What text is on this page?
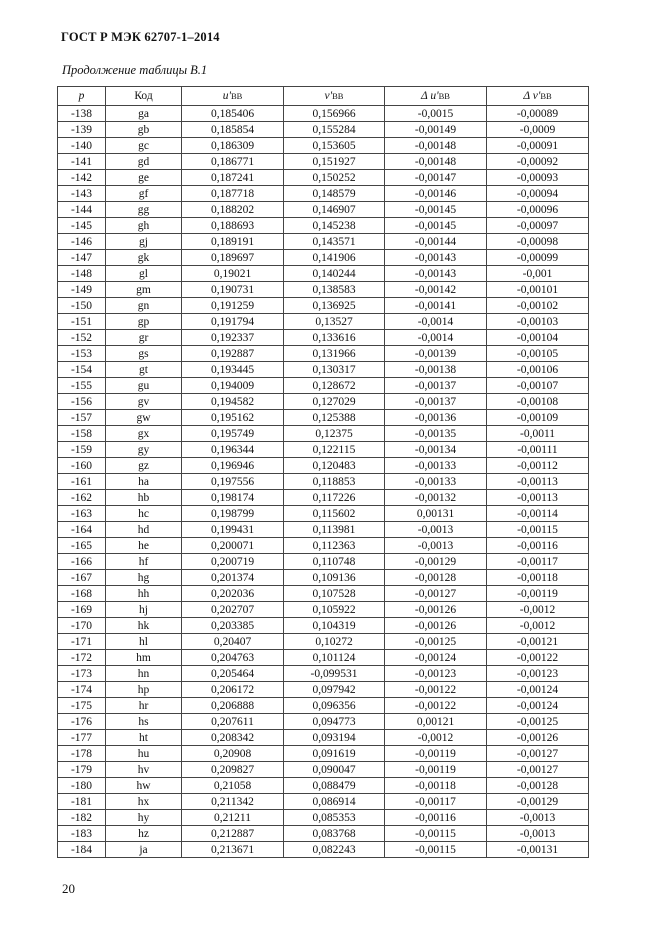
ГОСТ Р МЭК 62707-1–2014
Продолжение таблицы В.1
p	Код	u'ВВ	v'ВВ	Δ u'ВВ	Δ v'ВВ
-138	ga	0,185406	0,156966	-0,0015	-0,00089
-139	gb	0,185854	0,155284	-0,00149	-0,0009
-140	gc	0,186309	0,153605	-0,00148	-0,00091
-141	gd	0,186771	0,151927	-0,00148	-0,00092
-142	ge	0,187241	0,150252	-0,00147	-0,00093
-143	gf	0,187718	0,148579	-0,00146	-0,00094
-144	gg	0,188202	0,146907	-0,00145	-0,00096
-145	gh	0,188693	0,145238	-0,00145	-0,00097
-146	gj	0,189191	0,143571	-0,00144	-0,00098
-147	gk	0,189697	0,141906	-0,00143	-0,00099
-148	gl	0,19021	0,140244	-0,00143	-0,001
-149	gm	0,190731	0,138583	-0,00142	-0,00101
-150	gn	0,191259	0,136925	-0,00141	-0,00102
-151	gp	0,191794	0,13527	-0,0014	-0,00103
-152	gr	0,192337	0,133616	-0,0014	-0,00104
-153	gs	0,192887	0,131966	-0,00139	-0,00105
-154	gt	0,193445	0,130317	-0,00138	-0,00106
-155	gu	0,194009	0,128672	-0,00137	-0,00107
-156	gv	0,194582	0,127029	-0,00137	-0,00108
-157	gw	0,195162	0,125388	-0,00136	-0,00109
-158	gx	0,195749	0,12375	-0,00135	-0,0011
-159	gy	0,196344	0,122115	-0,00134	-0,00111
-160	gz	0,196946	0,120483	-0,00133	-0,00112
-161	ha	0,197556	0,118853	-0,00133	-0,00113
-162	hb	0,198174	0,117226	-0,00132	-0,00113
-163	hc	0,198799	0,115602	0,00131	-0,00114
-164	hd	0,199431	0,113981	-0,0013	-0,00115
-165	he	0,200071	0,112363	-0,0013	-0,00116
-166	hf	0,200719	0,110748	-0,00129	-0,00117
-167	hg	0,201374	0,109136	-0,00128	-0,00118
-168	hh	0,202036	0,107528	-0,00127	-0,00119
-169	hj	0,202707	0,105922	-0,00126	-0,0012
-170	hk	0,203385	0,104319	-0,00126	-0,0012
-171	hl	0,20407	0,10272	-0,00125	-0,00121
-172	hm	0,204763	0,101124	-0,00124	-0,00122
-173	hn	0,205464	-0,099531	-0,00123	-0,00123
-174	hp	0,206172	0,097942	-0,00122	-0,00124
-175	hr	0,206888	0,096356	-0,00122	-0,00124
-176	hs	0,207611	0,094773	0,00121	-0,00125
-177	ht	0,208342	0,093194	-0,0012	-0,00126
-178	hu	0,20908	0,091619	-0,00119	-0,00127
-179	hv	0,209827	0,090047	-0,00119	-0,00127
-180	hw	0,21058	0,088479	-0,00118	-0,00128
-181	hx	0,211342	0,086914	-0,00117	-0,00129
-182	hy	0,21211	0,085353	-0,00116	-0,0013
-183	hz	0,212887	0,083768	-0,00115	-0,0013
-184	ja	0,213671	0,082243	-0,00115	-0,00131
20
